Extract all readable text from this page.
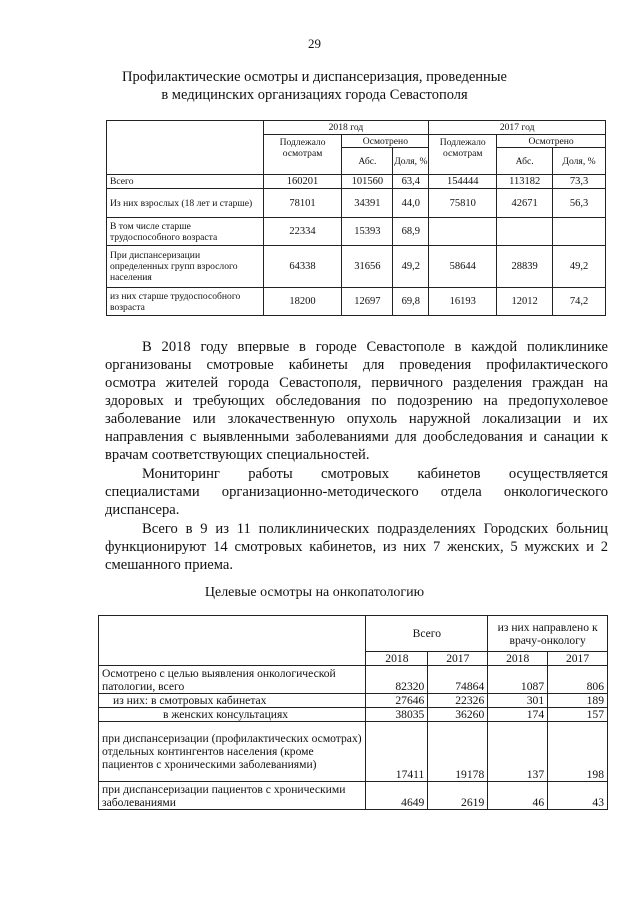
29
Профилактические осмотры и диспансеризация, проведенные
в медицинских организациях города Севастополя
	2018 год			2017 год		
	Подлежало осмотрам	Осмотрено		Подлежало осмотрам	Осмотрено	
		Абс.	Доля, %		Абс.	Доля, %
Всего	160201	101560	63,4	154444	113182	73,3
Из них взрослых (18 лет и старше)	78101	34391	44,0	75810	42671	56,3
В том числе старше трудоспособного возраста	22334	15393	68,9			
При диспансеризации определенных групп взрослого населения	64338	31656	49,2	58644	28839	49,2
из них старше трудоспособного возраста	18200	12697	69,8	16193	12012	74,2
В 2018 году впервые в городе Севастополе в каждой поликлинике
организованы смотровые кабинеты для проведения профилактического
осмотра жителей города Севастополя, первичного разделения граждан на
здоровых и требующих обследования по подозрению на предопухолевое
заболевание или злокачественную опухоль наружной локализации и их
направления с выявленными заболеваниями для дообследования и санации к
врачам соответствующих специальностей.
Мониторинг работы смотровых кабинетов осуществляется
специалистами организационно-методического отдела онкологического
диспансера.
Всего в 9 из 11 поликлинических подразделениях Городских больниц
функционируют 14 смотровых кабинетов, из них 7 женских, 5 мужских и 2
смешанного приема.
Целевые осмотры на онкопатологию
	Всего		из них направлено к врачу-онкологу	
	2018	2017	2018	2017
Осмотрено с целью выявления онкологической патологии, всего	82320	74864	1087	806
из них: в смотровых кабинетах	27646	22326	301	189
в женских консультациях	38035	36260	174	157
при диспансеризации (профилактических осмотрах) отдельных контингентов населения (кроме пациентов с хроническими заболеваниями)	17411	19178	137	198
при диспансеризации пациентов с хроническими заболеваниями	4649	2619	46	43
